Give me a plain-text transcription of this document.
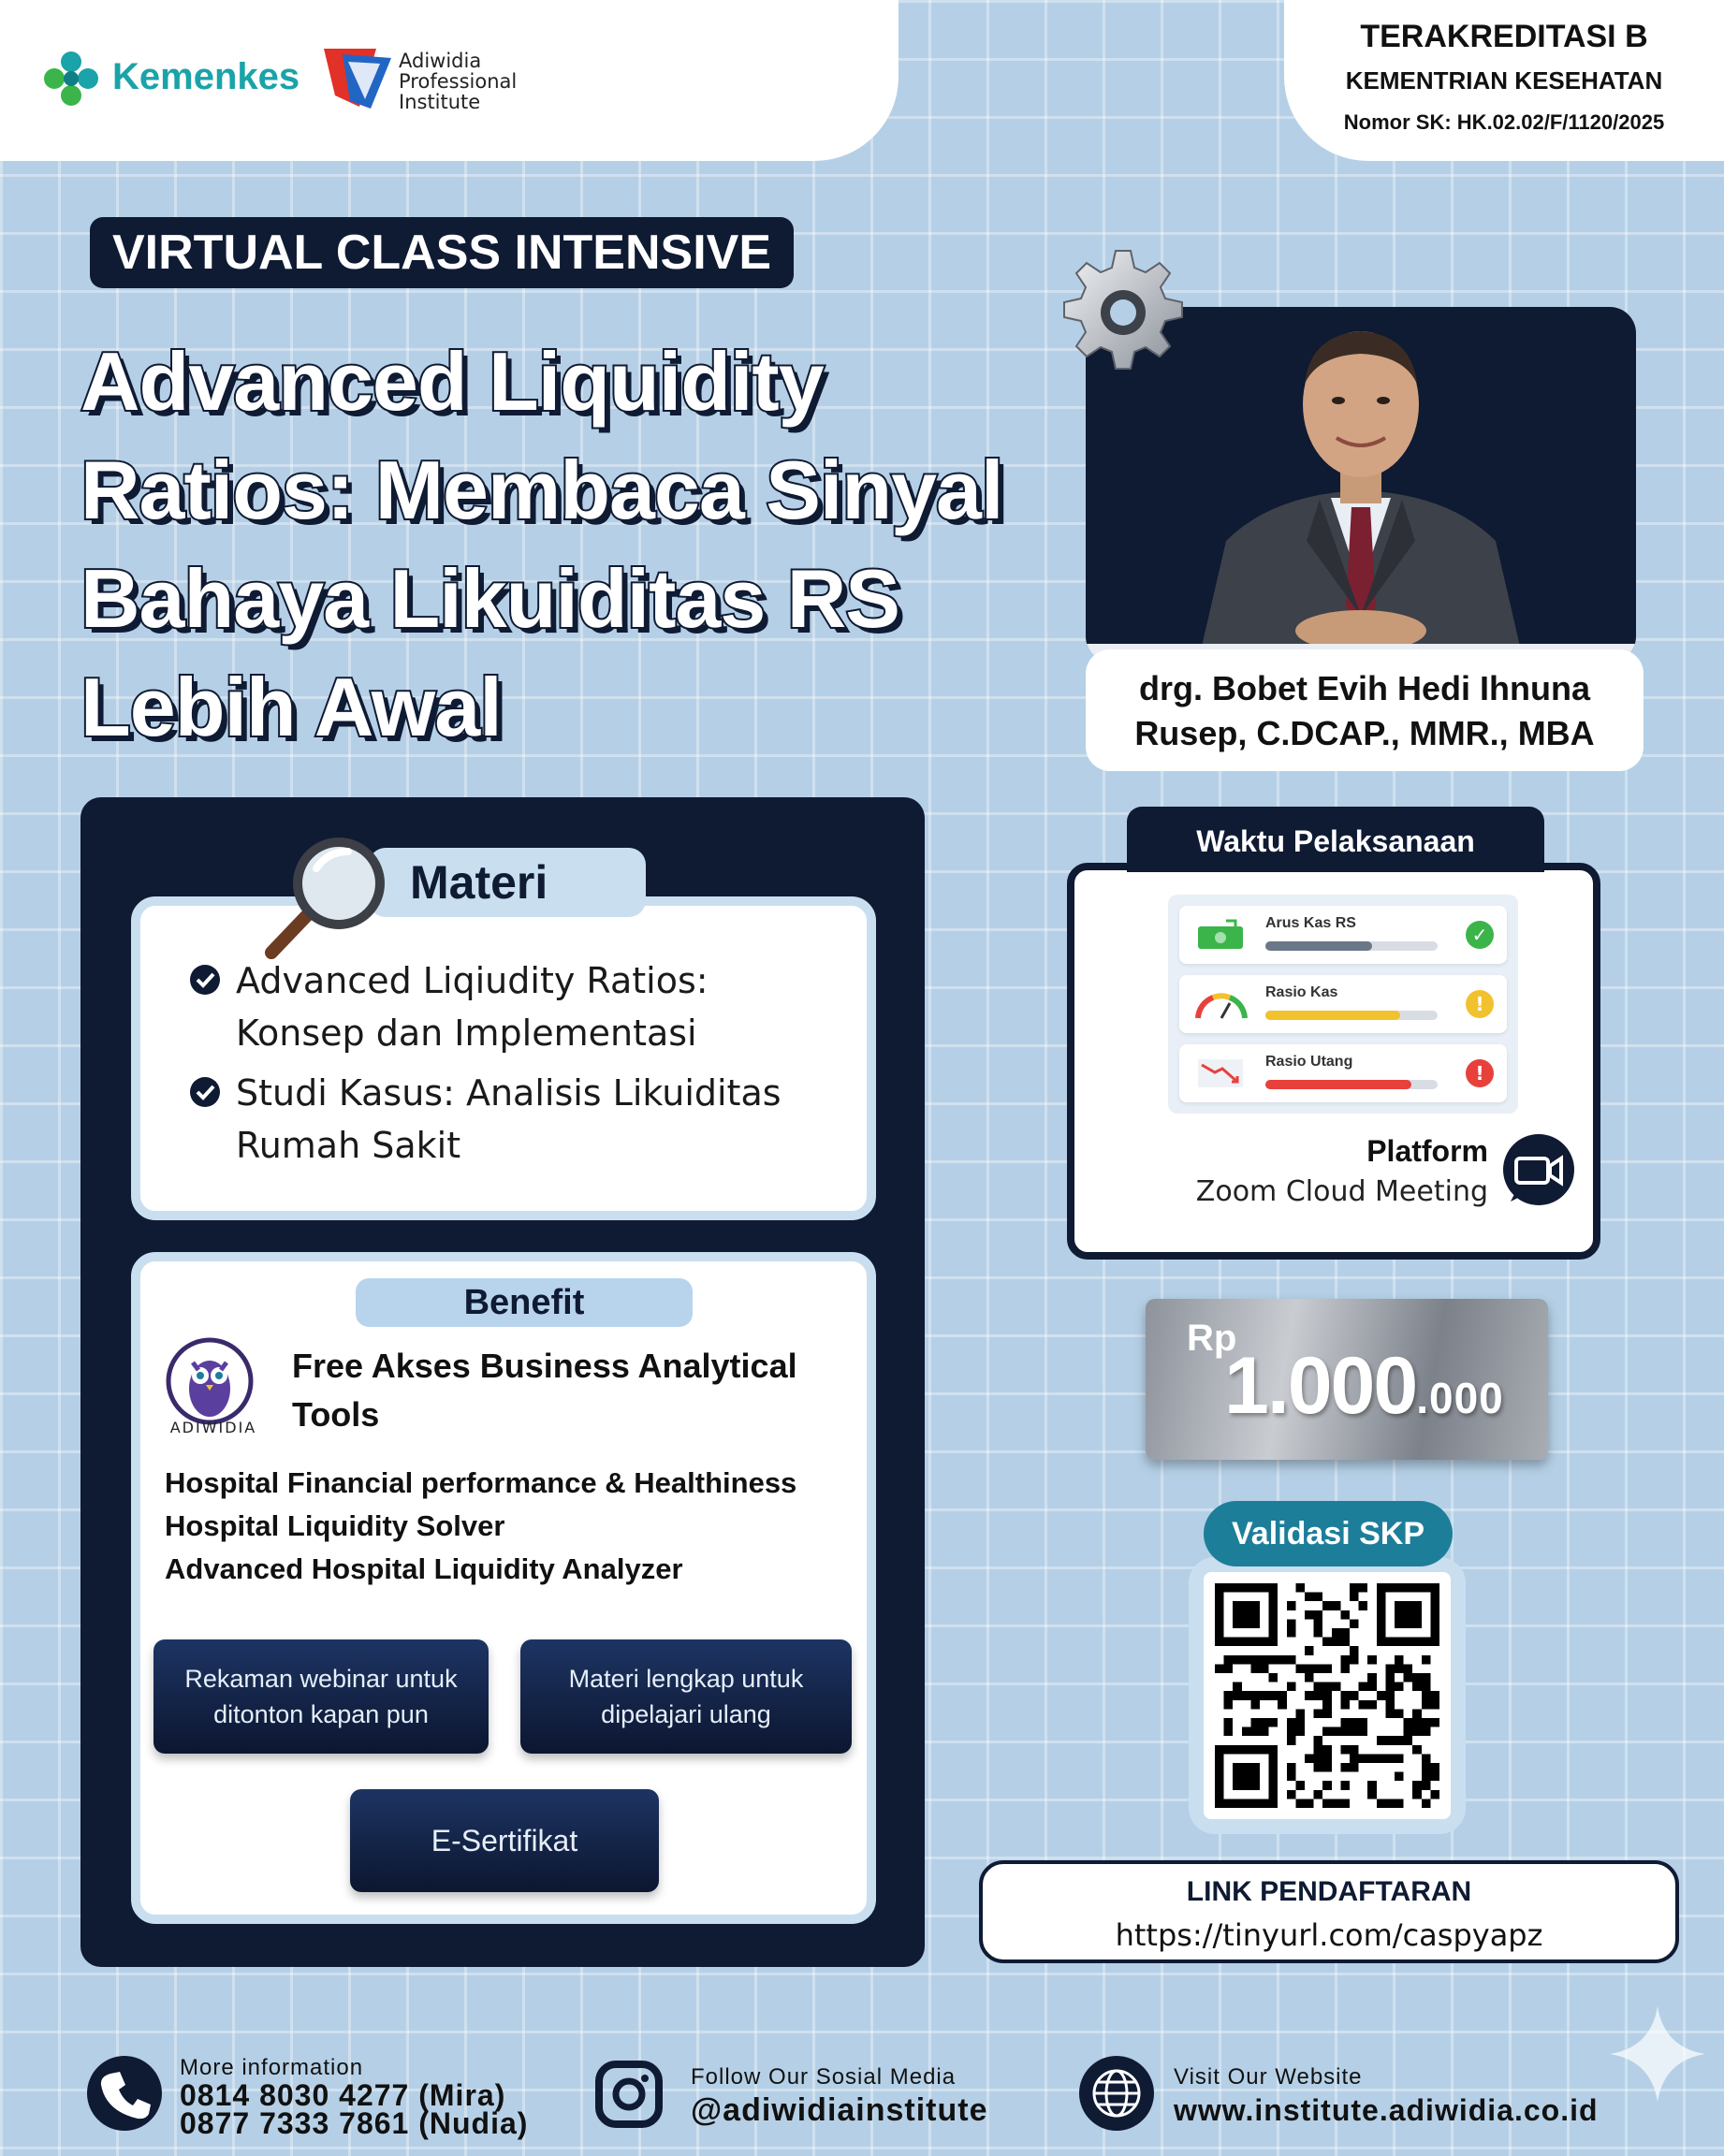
Kemenkes	Adiwidia
Professional
Institute
TERAKREDITASI B
KEMENTRIAN KESEHATAN
Nomor SK: HK.02.02/F/1120/2025
VIRTUAL CLASS INTENSIVE
Advanced Liquidity
Ratios: Membaca Sinyal
Bahaya Likuiditas RS
Lebih Awal	drg. Bobet Evih Hedi Ihnuna
Rusep, C.DCAP., MMR., MBA
Materi
Advanced Liqiudity Ratios:
Konsep dan Implementasi
Studi Kasus: Analisis Likuiditas
Rumah Sakit
Benefit
ADIWIDIA
Free Akses Business Analytical
Tools
Hospital Financial performance & Healthiness
Hospital Liquidity Solver
Advanced Hospital Liquidity Analyzer
Rekaman webinar untuk
ditonton kapan pun
Materi lengkap untuk
dipelajari ulang
E-Sertifikat
Waktu Pelaksanaan
Arus Kas RS
✓
Rasio Kas
!
Rasio Utang
!
Platform
Zoom Cloud Meeting
Rp
1.000.000
Validasi SKP
LINK PENDAFTARAN
https://tinyurl.com/caspyapz
More information
0814 8030 4277 (Mira)
0877 7333 7861 (Nudia)
Follow Our Sosial Media
@adiwidiainstitute
Visit Our Website
www.institute.adiwidia.co.id
